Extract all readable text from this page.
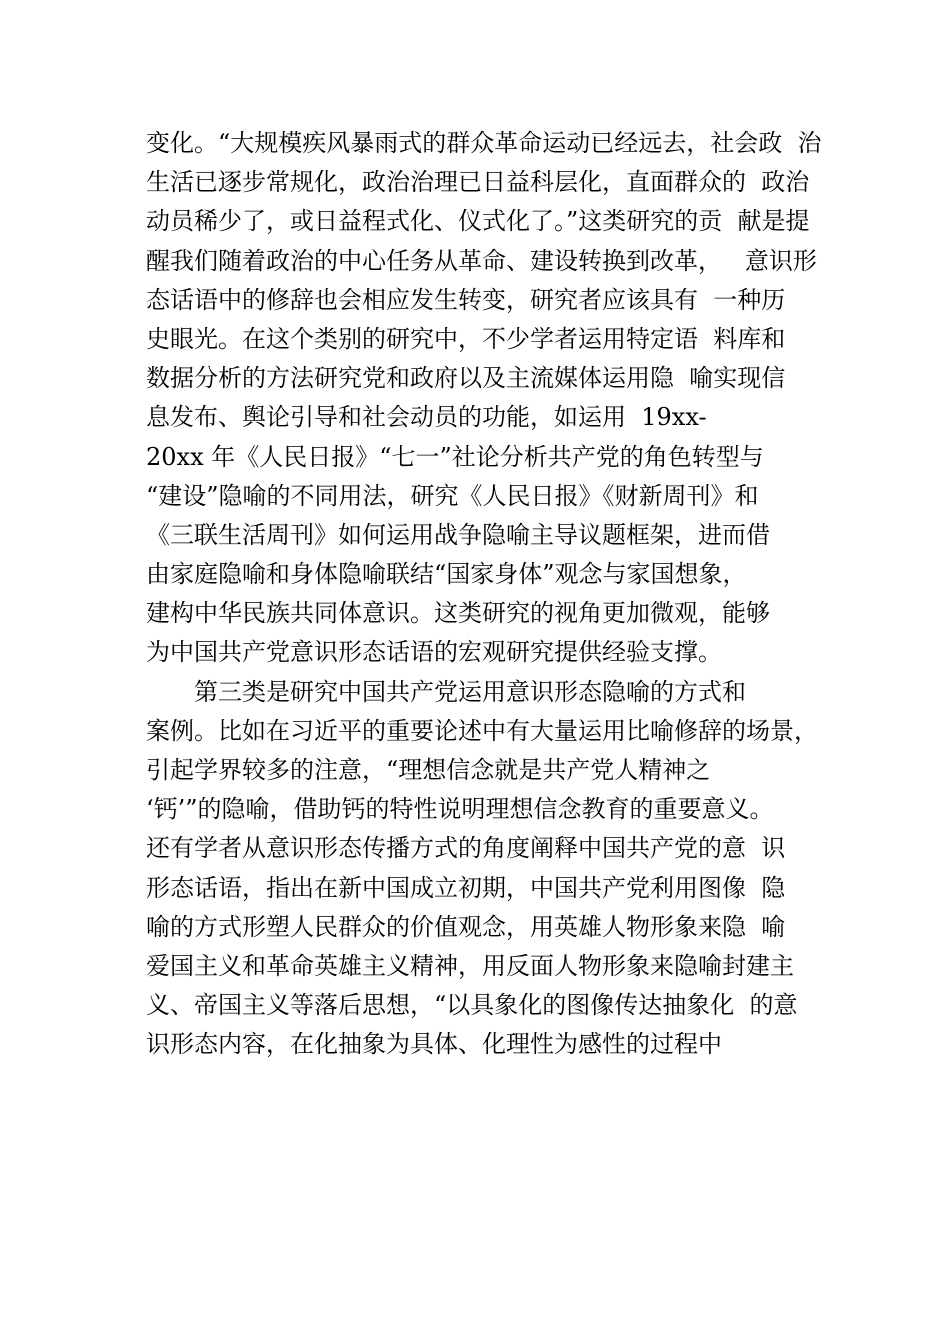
变化。“大规模疾风暴雨式的群众革命运动已经远去，社会政  治
生活已逐步常规化，政治治理已日益科层化，直面群众的  政治
动员稀少了，或日益程式化、仪式化了。”这类研究的贡  献是提
醒我们随着政治的中心任务从革命、建设转换到改革，   意识形
态话语中的修辞也会相应发生转变，研究者应该具有  一种历
史眼光。在这个类别的研究中，不少学者运用特定语  料库和
数据分析的方法研究党和政府以及主流媒体运用隐  喻实现信
息发布、舆论引导和社会动员的功能，如运用  19xx-
20xx 年《人民日报》“七一”社论分析共产党的角色转型与
“建设”隐喻的不同用法，研究《人民日报》《财新周刊》和
《三联生活周刊》如何运用战争隐喻主导议题框架，进而借
由家庭隐喻和身体隐喻联结“国家身体”观念与家国想象，
建构中华民族共同体意识。这类研究的视角更加微观，能够
为中国共产党意识形态话语的宏观研究提供经验支撑。
第三类是研究中国共产党运用意识形态隐喻的方式和
案例。比如在习近平的重要论述中有大量运用比喻修辞的场景，
引起学界较多的注意，“理想信念就是共产党人精神之
‘钙’”的隐喻，借助钙的特性说明理想信念教育的重要意义。
还有学者从意识形态传播方式的角度阐释中国共产党的意  识
形态话语，指出在新中国成立初期，中国共产党利用图像  隐
喻的方式形塑人民群众的价值观念，用英雄人物形象来隐  喻
爱国主义和革命英雄主义精神，用反面人物形象来隐喻封建主
义、帝国主义等落后思想，“以具象化的图像传达抽象化  的意
识形态内容，在化抽象为具体、化理性为感性的过程中
